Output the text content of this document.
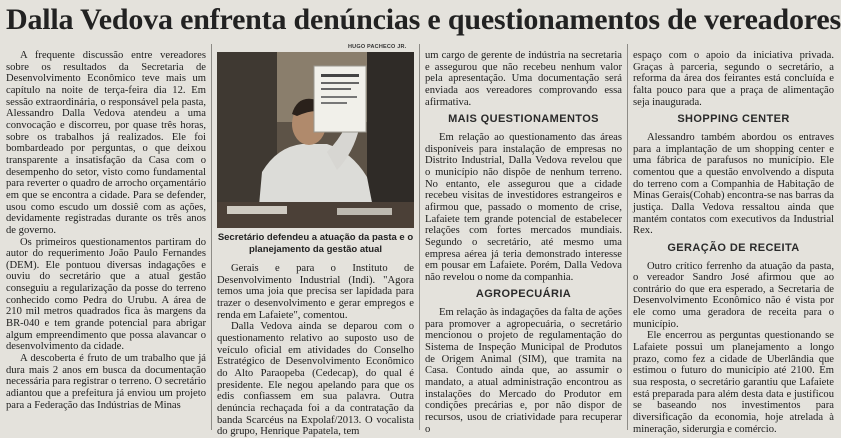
Dalla Vedova enfrenta denúncias e questionamentos de vereadores

A frequente discussão entre vereadores sobre os resultados da Secretaria de Desenvolvimento Econômico teve mais um capítulo na noite de terça-feira dia 12. Em sessão extraordinária, o responsável pela pasta, Alessandro Dalla Vedova atendeu a uma convocação e discorreu, por quase três horas, sobre os trabalhos já realizados. Ele foi bombardeado por perguntas, o que deixou transparente a insatisfação da Casa com o desempenho do setor, visto como fundamental para reverter o quadro de arrocho orçamentário em que se encontra a cidade. Para se defender, usou como escudo um dossiê com as ações, devidamente registradas durante os três anos de governo.

Os primeiros questionamentos partiram do autor do requerimento João Paulo Fernandes (DEM). Ele pontuou diversas indagações e ouviu do secretário que a atual gestão conseguiu a regularização da posse do terreno conhecido como Pedra do Urubu. A área de 210 mil metros quadrados fica às margens da BR-040 e tem grande potencial para abrigar algum empreendimento que possa alavancar o desenvolvimento da cidade.

A descoberta é fruto de um trabalho que já dura mais 2 anos em busca da documentação necessária para registrar o terreno. O secretário adiantou que a prefeitura já enviou um projeto para a Federação das Indústrias de Minas

HUGO PACHECO JR.
Secretário defendeu a atuação da pasta e o planejamento da gestão atual

Gerais e para o Instituto de Desenvolvimento Industrial (Indi). "Agora temos uma joia que precisa ser lapidada para trazer o desenvolvimento e gerar empregos e renda em Lafaiete", comentou.

Dalla Vedova ainda se deparou com o questionamento relativo ao suposto uso de veículo oficial em atividades do Conselho Estratégico de Desenvolvimento Econômico do Alto Paraopeba (Cedecap), do qual é presidente. Ele negou apelando para que os edis confiassem em sua palavra. Outra denúncia rechaçada foi a da contratação da banda Scarcéus na Expolaf/2013. O vocalista do grupo, Henrique Papatela, tem

um cargo de gerente de indústria na secretaria e assegurou que não recebeu nenhum valor pela apresentação. Uma documentação será enviada aos vereadores comprovando essa afirmativa.

MAIS QUESTIONAMENTOS

Em relação ao questionamento das áreas disponíveis para instalação de empresas no Distrito Industrial, Dalla Vedova revelou que o município não dispõe de nenhum terreno. No entanto, ele assegurou que a cidade recebeu visitas de investidores estrangeiros e afirmou que, passado o momento de crise, Lafaiete tem grande potencial de estabelecer relações com fortes mercados mundiais. Segundo o secretário, até mesmo uma empresa aérea já teria demonstrado interesse em pousar em Lafaiete. Porém, Dalla Vedova não revelou o nome da companhia.

AGROPECUÁRIA

Em relação às indagações da falta de ações para promover a agropecuária, o secretário mencionou o projeto de regulamentação do Sistema de Inspeção Municipal de Produtos de Origem Animal (SIM), que tramita na Casa. Contudo ainda que, ao assumir o mandato, a atual administração encontrou as instalações do Mercado do Produtor em condições precárias e, por não dispor de recursos, usou de criatividade para recuperar o

espaço com o apoio da iniciativa privada. Graças à parceria, segundo o secretário, a reforma da área dos feirantes está concluída e falta pouco para que a praça de alimentação seja inaugurada.

SHOPPING CENTER

Alessandro também abordou os entraves para a implantação de um shopping center e uma fábrica de parafusos no município. Ele comentou que a questão envolvendo a disputa do terreno com a Companhia de Habitação de Minas Gerais(Cohab) encontra-se nas barras da justiça. Dalla Vedova ressaltou ainda que mantém contatos com executivos da Industrial Rex.

GERAÇÃO DE RECEITA

Outro crítico ferrenho da atuação da pasta, o vereador Sandro José afirmou que ao contrário do que era esperado, a Secretaria de Desenvolvimento Econômico não é vista por ele como uma geradora de receita para o município.

Ele encerrou as perguntas questionando se Lafaiete possui um planejamento a longo prazo, como fez a cidade de Uberlândia que estimou o futuro do município até 2100. Em sua resposta, o secretário garantiu que Lafaiete está preparada para além desta data e justificou se baseando nos investimentos para diversificação da economia, hoje atrelada à mineração, siderurgia e comércio.
